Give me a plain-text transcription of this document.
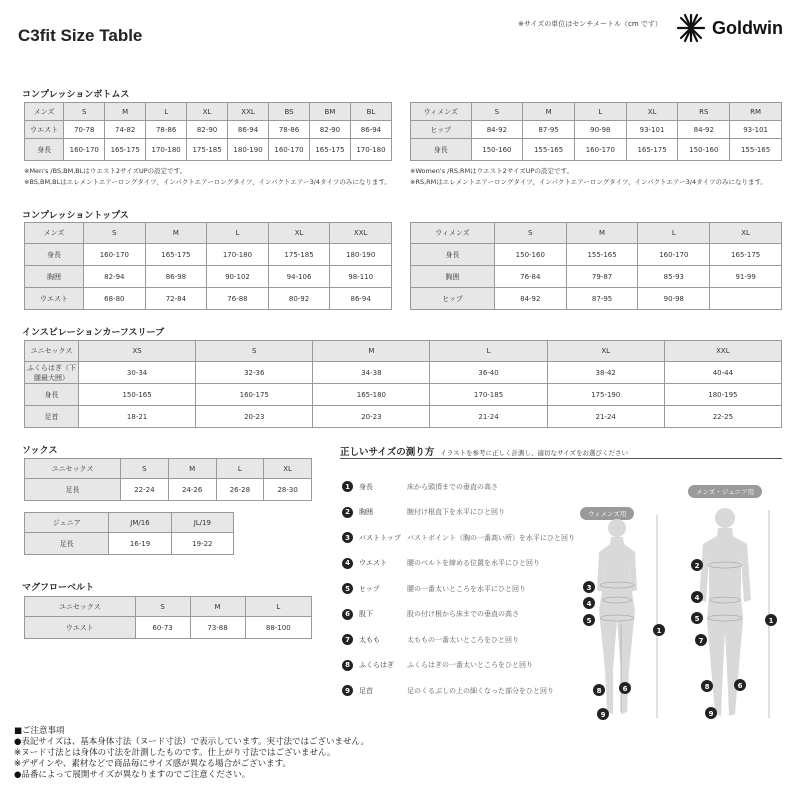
C3fit Size Table
※サイズの単位はセンチメートル（cm です）	Goldwin
コンプレッションボトムス
メンズ	S	M	L	XL	XXL	BS	BM	BL
ウエスト	70-78	74-82	78-86	82-90	86-94	78-86	82-90	86-94
身長	160-170	165-175	170-180	175-185	180-190	160-170	165-175	170-180
ウィメンズ	S	M	L	XL	RS	RM
ヒップ	84-92	87-95	90-98	93-101	84-92	93-101
身長	150-160	155-165	160-170	165-175	150-160	155-165
※Men's /BS,BM,BLはウエスト2サイズUPの設定です。
※BS,BM,BLはエレメントエアーロングタイツ、インパクトエアーロングタイツ、インパクトエアー3/4タイツのみになります。
※Women's /RS,RMはウエスト2サイズUPの設定です。
※RS,RMはエレメントエアーロングタイツ、インパクトエアーロングタイツ、インパクトエアー3/4タイツのみになります。
コンプレッショントップス
メンズ	S	M	L	XL	XXL
身長	160-170	165-175	170-180	175-185	180-190
胸囲	82-94	86-98	90-102	94-106	98-110
ウエスト	68-80	72-84	76-88	80-92	86-94
ウィメンズ	S	M	L	XL
身長	150-160	155-165	160-170	165-175
胸囲	76-84	79-87	85-93	91-99
ヒップ	84-92	87-95	90-98	
インスピレーションカーフスリーブ
ユニセックス	XS	S	M	L	XL	XXL
ふくらはぎ（下腿最大囲）	30-34	32-36	34-38	36-40	38-42	40-44
身長	150-165	160-175	165-180	170-185	175-190	180-195
足首	18-21	20-23	20-23	21-24	21-24	22-25
ソックス
ユニセックス	S	M	L	XL
足長	22-24	24-26	26-28	28-30
ジュニア	JM/16	JL/19
足長	16-19	19-22
マグフローベルト
ユニセックス	S	M	L
ウエスト	60-73	73-88	88-100
正しいサイズの測り方 イラストを参考に正しく計測し、適切なサイズをお選びください
1	身長	床から頭頂までの垂直の高さ
2	胸囲	腕付け根直下を水平にひと回り
3	バストトップ バストポイント（胸の一番高い所）を水平にひと回り
4	ウエスト	腰のベルトを締める位置を水平にひと回り
5	ヒップ	腰の一番太いところを水平にひと回り
6	股下	股の付け根から床までの垂直の高さ
7	太もも	太ももの一番太いところをひと回り
8	ふくらはぎ	ふくらはぎの一番太いところをひと回り
9	足首	足のくるぶしの上の細くなった部分をひと回り
ウィメンズ用
メンズ・ジュニア用
1
1
3
4
5
2
4
5
7
8	6
9
8	6
9
■ご注意事項
●表記サイズは、基本身体寸法（ヌード寸法）で表示しています。実寸法ではございません。
※ヌード寸法とは身体の寸法を計測したものです。仕上がり寸法ではございません。
※デザインや、素材などで商品毎にサイズ感が異なる場合がございます。
●品番によって展開サイズが異なりますのでご注意ください。
